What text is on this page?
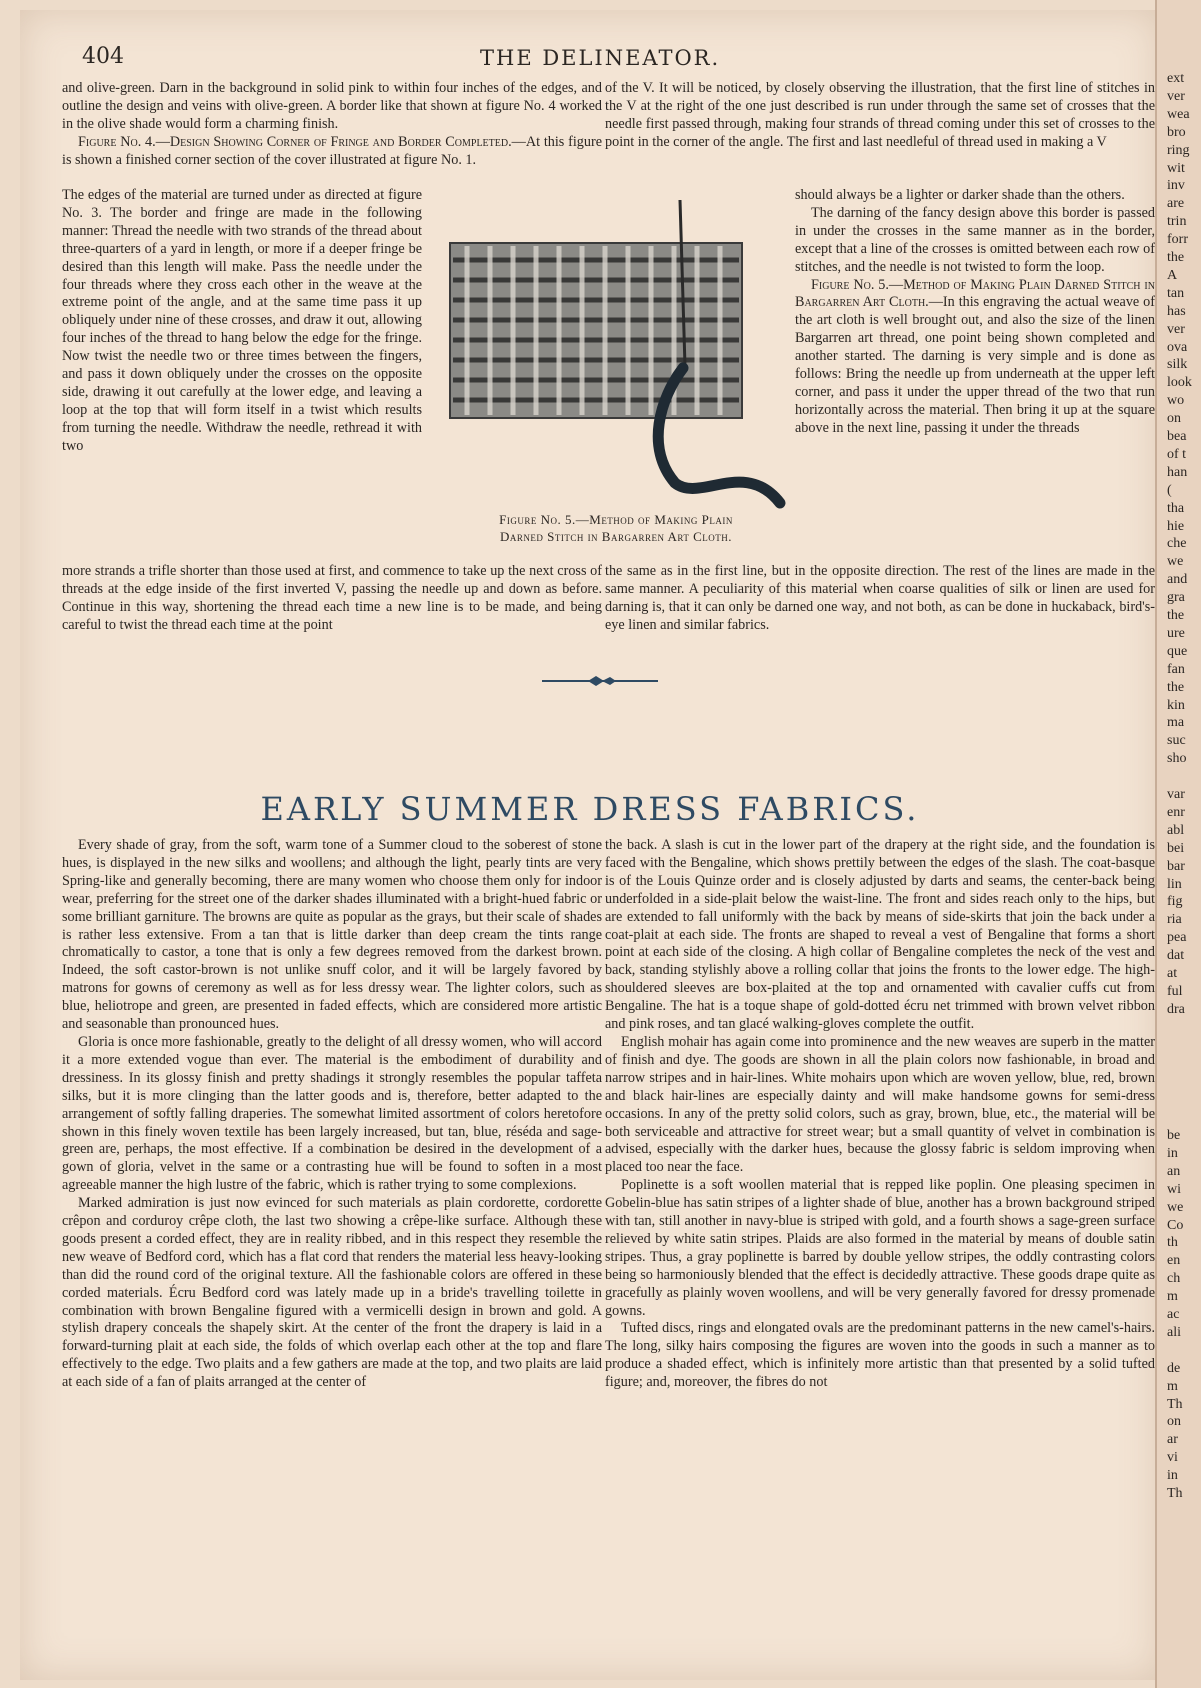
404	THE DELINEATOR.

and olive-green. Darn in the background in solid pink to within four inches of the edges, and outline the design and veins with olive-green. A border like that shown at figure No. 4 worked in the olive shade would form a charming finish.

Figure No. 4.—Design Showing Corner of Fringe and Border Completed.—At this figure is shown a finished corner section of the cover illustrated at figure No. 1.

The edges of the material are turned under as directed at figure No. 3. The border and fringe are made in the following manner: Thread the needle with two strands of the thread about three-quarters of a yard in length, or more if a deeper fringe be desired than this length will make. Pass the needle under the four threads where they cross each other in the weave at the extreme point of the angle, and at the same time pass it up obliquely under nine of these crosses, and draw it out, allowing four inches of the thread to hang below the edge for the fringe. Now twist the needle two or three times between the fingers, and pass it down obliquely under the crosses on the opposite side, drawing it out carefully at the lower edge, and leaving a loop at the top that will form itself in a twist which results from turning the needle. Withdraw the needle, rethread it with two

more strands a trifle shorter than those used at first, and commence to take up the next cross of threads at the edge inside of the first inverted V, passing the needle up and down as before. Continue in this way, shortening the thread each time a new line is to be made, and being careful to twist the thread each time at the point

of the V. It will be noticed, by closely observing the illustration, that the first line of stitches in the V at the right of the one just described is run under through the same set of crosses that the needle first passed through, making four strands of thread coming under this set of crosses to the point in the corner of the angle. The first and last needleful of thread used in making a V

should always be a lighter or darker shade than the others.

The darning of the fancy design above this border is passed in under the crosses in the same manner as in the border, except that a line of the crosses is omitted between each row of stitches, and the needle is not twisted to form the loop.

Figure No. 5.—Method of Making Plain Darned Stitch in Bargarren Art Cloth.—In this engraving the actual weave of the art cloth is well brought out, and also the size of the linen Bargarren art thread, one point being shown completed and another started. The darning is very simple and is done as follows: Bring the needle up from underneath at the upper left corner, and pass it under the upper thread of the two that run horizontally across the material. Then bring it up at the square above in the next line, passing it under the threads

the same as in the first line, but in the opposite direction. The rest of the lines are made in the same manner. A peculiarity of this material when coarse qualities of silk or linen are used for darning is, that it can only be darned one way, and not both, as can be done in huckaback, bird's-eye linen and similar fabrics.

Figure No. 5.—Method of Making Plain
Darned Stitch in Bargarren Art Cloth.
EARLY SUMMER DRESS FABRICS.

Every shade of gray, from the soft, warm tone of a Summer cloud to the soberest of stone hues, is displayed in the new silks and woollens; and although the light, pearly tints are very Spring-like and generally becoming, there are many women who choose them only for indoor wear, preferring for the street one of the darker shades illuminated with a bright-hued fabric or some brilliant garniture. The browns are quite as popular as the grays, but their scale of shades is rather less extensive. From a tan that is little darker than deep cream the tints range chromatically to castor, a tone that is only a few degrees removed from the darkest brown. Indeed, the soft castor-brown is not unlike snuff color, and it will be largely favored by matrons for gowns of ceremony as well as for less dressy wear. The lighter colors, such as blue, heliotrope and green, are presented in faded effects, which are considered more artistic and seasonable than pronounced hues.

Gloria is once more fashionable, greatly to the delight of all dressy women, who will accord it a more extended vogue than ever. The material is the embodiment of durability and dressiness. In its glossy finish and pretty shadings it strongly resembles the popular taffeta silks, but it is more clinging than the latter goods and is, therefore, better adapted to the arrangement of softly falling draperies. The somewhat limited assortment of colors heretofore shown in this finely woven textile has been largely increased, but tan, blue, réséda and sage-green are, perhaps, the most effective. If a combination be desired in the development of a gown of gloria, velvet in the same or a contrasting hue will be found to soften in a most agreeable manner the high lustre of the fabric, which is rather trying to some complexions.

Marked admiration is just now evinced for such materials as plain cordorette, cordorette crêpon and corduroy crêpe cloth, the last two showing a crêpe-like surface. Although these goods present a corded effect, they are in reality ribbed, and in this respect they resemble the new weave of Bedford cord, which has a flat cord that renders the material less heavy-looking than did the round cord of the original texture. All the fashionable colors are offered in these corded materials. Écru Bedford cord was lately made up in a bride's travelling toilette in combination with brown Bengaline figured with a vermicelli design in brown and gold. A stylish drapery conceals the shapely skirt. At the center of the front the drapery is laid in a forward-turning plait at each side, the folds of which overlap each other at the top and flare effectively to the edge. Two plaits and a few gathers are made at the top, and two plaits are laid at each side of a fan of plaits arranged at the center of

the back. A slash is cut in the lower part of the drapery at the right side, and the foundation is faced with the Bengaline, which shows prettily between the edges of the slash. The coat-basque is of the Louis Quinze order and is closely adjusted by darts and seams, the center-back being underfolded in a side-plait below the waist-line. The front and sides reach only to the hips, but are extended to fall uniformly with the back by means of side-skirts that join the back under a coat-plait at each side. The fronts are shaped to reveal a vest of Bengaline that forms a short point at each side of the closing. A high collar of Bengaline completes the neck of the vest and back, standing stylishly above a rolling collar that joins the fronts to the lower edge. The high-shouldered sleeves are box-plaited at the top and ornamented with cavalier cuffs cut from Bengaline. The hat is a toque shape of gold-dotted écru net trimmed with brown velvet ribbon and pink roses, and tan glacé walking-gloves complete the outfit.

English mohair has again come into prominence and the new weaves are superb in the matter of finish and dye. The goods are shown in all the plain colors now fashionable, in broad and narrow stripes and in hair-lines. White mohairs upon which are woven yellow, blue, red, brown and black hair-lines are especially dainty and will make handsome gowns for semi-dress occasions. In any of the pretty solid colors, such as gray, brown, blue, etc., the material will be both serviceable and attractive for street wear; but a small quantity of velvet in combination is advised, especially with the darker hues, because the glossy fabric is seldom improving when placed too near the face.

Poplinette is a soft woollen material that is repped like poplin. One pleasing specimen in Gobelin-blue has satin stripes of a lighter shade of blue, another has a brown background striped with tan, still another in navy-blue is striped with gold, and a fourth shows a sage-green surface relieved by white satin stripes. Plaids are also formed in the material by means of double satin stripes. Thus, a gray poplinette is barred by double yellow stripes, the oddly contrasting colors being so harmoniously blended that the effect is decidedly attractive. These goods drape quite as gracefully as plainly woven woollens, and will be very generally favored for dressy promenade gowns.

Tufted discs, rings and elongated ovals are the predominant patterns in the new camel's-hairs. The long, silky hairs composing the figures are woven into the goods in such a manner as to produce a shaded effect, which is infinitely more artistic than that presented by a solid tufted figure; and, moreover, the fibres do not

ext
ver
wea
bro
ring
wit
inv
are
trin
forr
the
A
tan
has
ver
ova
silk
look
wo
on
bea
of t
han
(
tha
hie
che
we
and
gra
the
ure
que
fan
the
kin
ma
suc
sho
var
enr
abl
bei
bar
lin
fig
ria
pea
dat
at
ful
dra
be
in
an
wi
we
Co
th
en
ch
m
ac
ali
de
m
Th
on
ar
vi
in
Th
